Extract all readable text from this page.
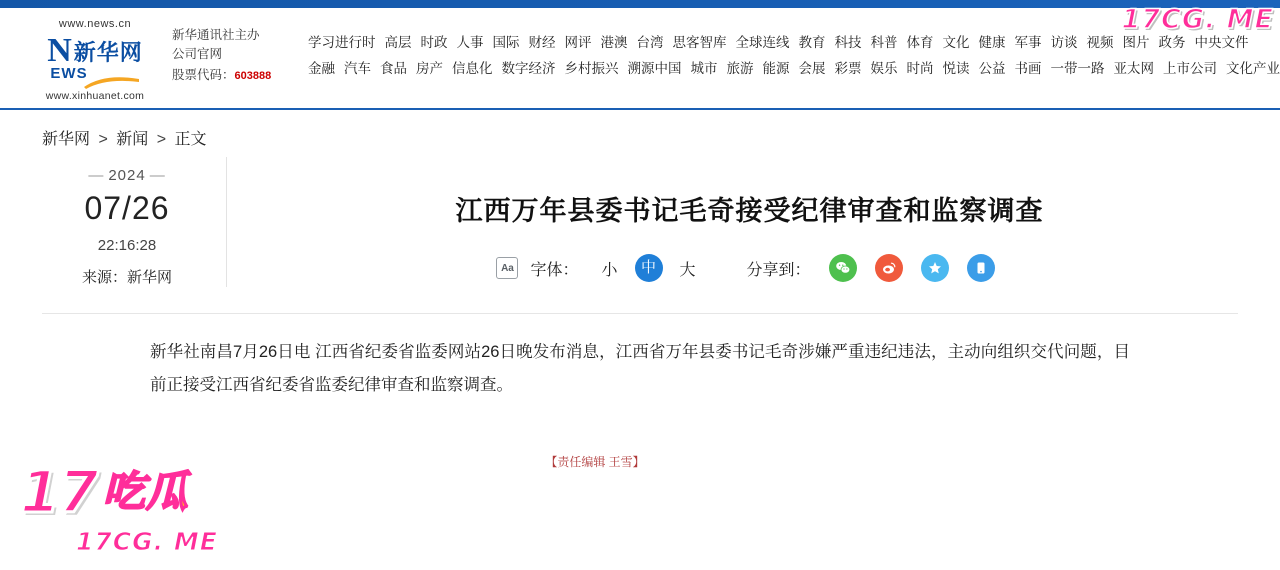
17CG. ME
www.news.cn
N 新华网
EWS
www.xinhuanet.com
新华通讯社主办
公司官网
股票代码：603888
学习进行时 高层 时政 人事 国际 财经 网评 港澳 台湾 思客智库 全球连线 教育 科技 科普 体育 文化 健康 军事 访谈 视频 图片 政务 中央文件
金融 汽车 食品 房产 信息化 数字经济 乡村振兴 溯源中国 城市 旅游 能源 会展 彩票 娱乐 时尚 悦读 公益 书画 一带一路 亚太网 上市公司 文化产业
新华网 > 新闻 > 正文
— 2024 —
07/26
22:16:28
来源：新华网
江西万年县委书记毛奇接受纪律审查和监察调查
Aa 字体：	小	中	大	分享到：

新华社南昌7月26日电 江西省纪委省监委网站26日晚发布消息，江西省万年县委书记毛奇涉嫌严重违纪违法，主动向组织交代问题，目前正接受江西省纪委省监委纪律审查和监察调查。

【责任编辑 王雪】
17 吃瓜
17CG. ME
